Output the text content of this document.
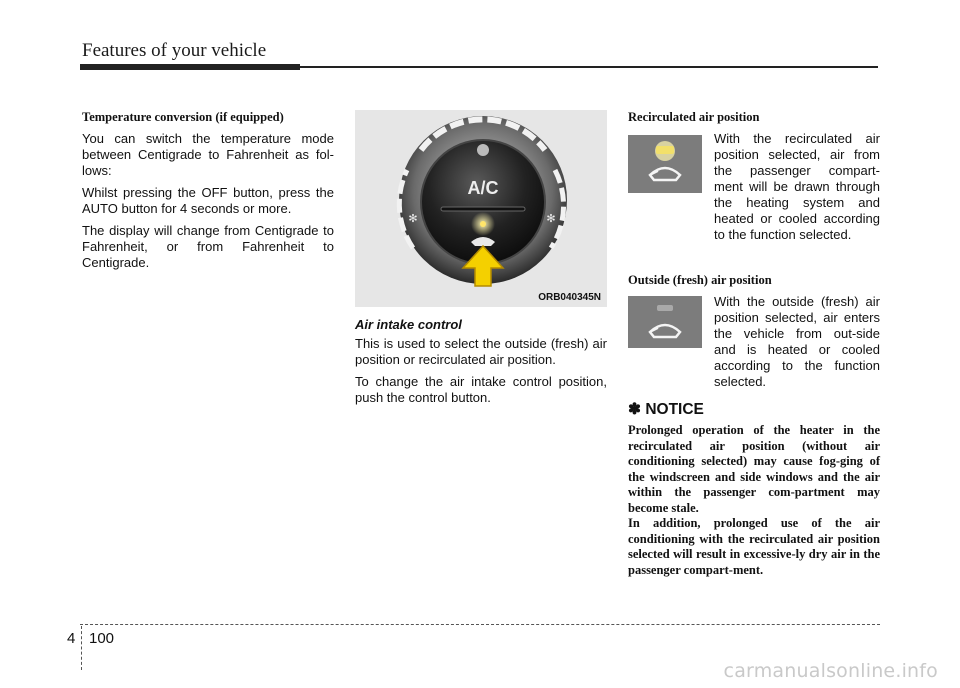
Features of your vehicle
Temperature conversion (if equipped)

You can switch the temperature mode between Centigrade to Fahrenheit as fol-lows:

Whilst pressing the OFF button, press the AUTO button for 4 seconds or more.

The display will change from Centigrade to Fahrenheit, or from Fahrenheit to Centigrade.

A/C
✻	✻
ORB040345N
Air intake control

This is used to select the outside (fresh) air position or recirculated air position.

To change the air intake control position, push the control button.

Recirculated air position
With the recirculated air position selected, air from the passenger compart-ment will be drawn through the heating system and heated or cooled according to the function selected.
Outside (fresh) air position
With the outside (fresh) air position selected, air enters the vehicle from out-side and is heated or cooled according to the function selected.
✽ NOTICE

Prolonged operation of the heater in the recirculated air position (without air conditioning selected) may cause fog-ging of the windscreen and side windows and the air within the passenger com-partment may become stale.

In addition, prolonged use of the air conditioning with the recirculated air position selected will result in excessive-ly dry air in the passenger compart-ment.

4 100
carmanualsonline.info
